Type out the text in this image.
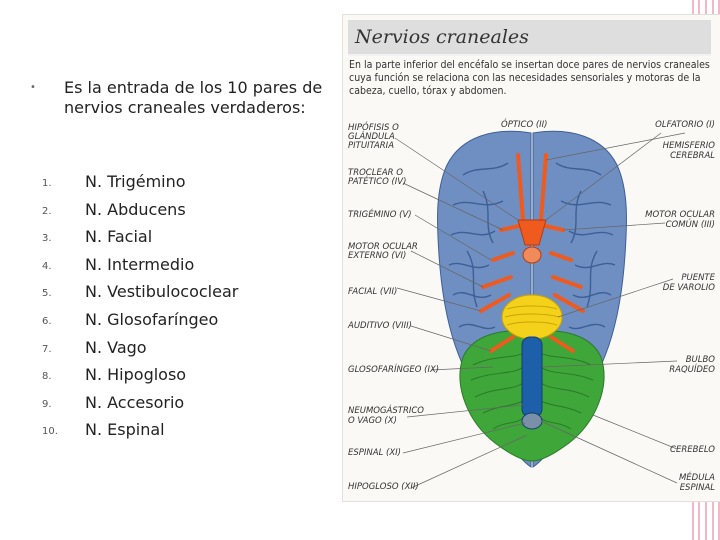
• Es la entrada de los 10 pares de nervios craneales verdaderos:
1. N. Trigémino
2. N. Abducens
3. N. Facial
4. N. Intermedio
5. N. Vestibulococlear
6. N. Glosofaríngeo
7. N. Vago
8. N. Hipogloso
9. N. Accesorio
10. N. Espinal
Nervios craneales
En la parte inferior del encéfalo se insertan doce pares de nervios craneales cuya función se relaciona con las necesidades sensoriales y motoras de la cabeza, cuello, tórax y abdomen.
HIPÓFISIS O
GLÁNDULA
PITUITARIA
TROCLEAR O
PATÉTICO (IV)
TRIGÉMINO (V)
MOTOR OCULAR
EXTERNO (VI)
FACIAL (VII)
AUDITIVO (VIII)
GLOSOFARÍNGEO (IX)
NEUMOGÁSTRICO
O VAGO (X)
ESPINAL (XI)
HIPOGLOSO (XII)
ÓPTICO (II)	OLFATORIO (I)
HEMISFERIO
CEREBRAL
MOTOR OCULAR
COMÚN (III)
PUENTE
DE VAROLIO
BULBO
RAQUÍDEO
CEREBELO
MÉDULA
ESPINAL
